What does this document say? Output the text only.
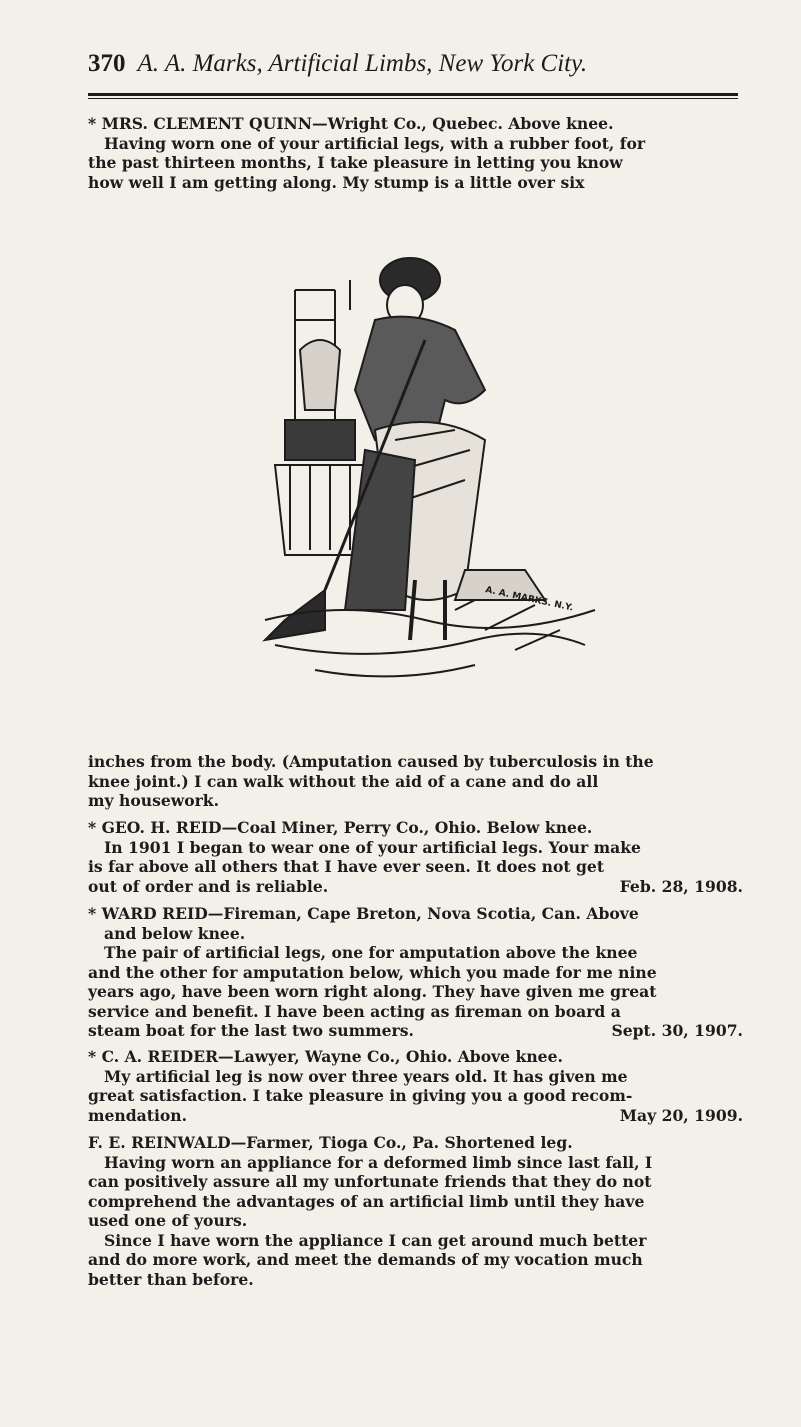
370 A. A. Marks, Artificial Limbs, New York City.

* MRS. CLEMENT QUINN—Wright Co., Quebec. Above knee.

Having worn one of your artificial legs, with a rubber foot, for

the past thirteen months, I take pleasure in letting you know

how well I am getting along. My stump is a little over six

A. A. MARKS. N.Y.

inches from the body. (Amputation caused by tuberculosis in the

knee joint.) I can walk without the aid of a cane and do all

my housework.

* GEO. H. REID—Coal Miner, Perry Co., Ohio. Below knee.

In 1901 I began to wear one of your artificial legs. Your make

is far above all others that I have ever seen. It does not get

out of order and is reliable.	Feb. 28, 1908.

* WARD REID—Fireman, Cape Breton, Nova Scotia, Can. Above

and below knee.

The pair of artificial legs, one for amputation above the knee

and the other for amputation below, which you made for me nine

years ago, have been worn right along. They have given me great

service and benefit. I have been acting as fireman on board a

steam boat for the last two summers.	Sept. 30, 1907.

* C. A. REIDER—Lawyer, Wayne Co., Ohio. Above knee.

My artificial leg is now over three years old. It has given me

great satisfaction. I take pleasure in giving you a good recom-

mendation.	May 20, 1909.

F. E. REINWALD—Farmer, Tioga Co., Pa. Shortened leg.

Having worn an appliance for a deformed limb since last fall, I

can positively assure all my unfortunate friends that they do not

comprehend the advantages of an artificial limb until they have

used one of yours.

Since I have worn the appliance I can get around much better

and do more work, and meet the demands of my vocation much

better than before.
